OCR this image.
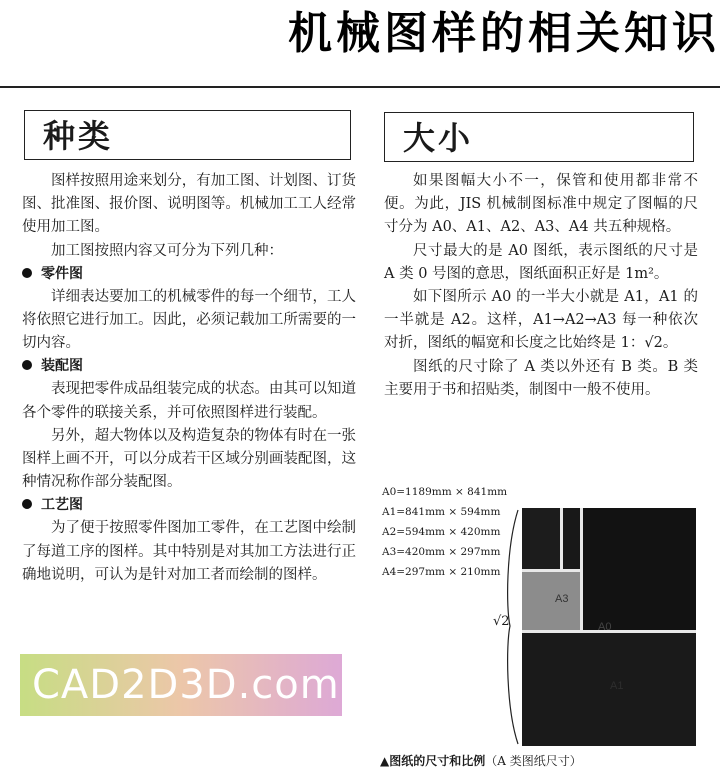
机械图样的相关知识
种类

图样按照用途来划分，有加工图、计划图、订货图、批准图、报价图、说明图等。机械加工工人经常使用加工图。

加工图按照内容又可分为下列几种：

零件图

详细表达要加工的机械零件的每一个细节，工人将依照它进行加工。因此，必须记载加工所需要的一切内容。

装配图

表现把零件成品组装完成的状态。由其可以知道各个零件的联接关系，并可依照图样进行装配。

另外，超大物体以及构造复杂的物体有时在一张图样上画不开，可以分成若干区域分别画装配图，这种情况称作部分装配图。

工艺图

为了便于按照零件图加工零件，在工艺图中绘制了每道工序的图样。其中特别是对其加工方法进行正确地说明，可认为是针对加工者而绘制的图样。

大小

如果图幅大小不一，保管和使用都非常不便。为此，JIS 机械制图标准中规定了图幅的尺寸分为 A0、A1、A2、A3、A4 共五种规格。

尺寸最大的是 A0 图纸，表示图纸的尺寸是 A 类 0 号图的意思，图纸面积正好是 1m²。

如下图所示 A0 的一半大小就是 A1，A1 的一半就是 A2。这样，A1→A2→A3 每一种依次对折，图纸的幅宽和长度之比始终是 1：√2。

图纸的尺寸除了 A 类以外还有 B 类。B 类主要用于书和招贴类，制图中一般不使用。

A0=1189mm × 841mm
A1=841mm × 594mm
A2=594mm × 420mm
A3=420mm × 297mm
A4=297mm × 210mm
√2
A3
A0
A1
▲图纸的尺寸和比例（A 类图纸尺寸）
CAD2D3D.com
